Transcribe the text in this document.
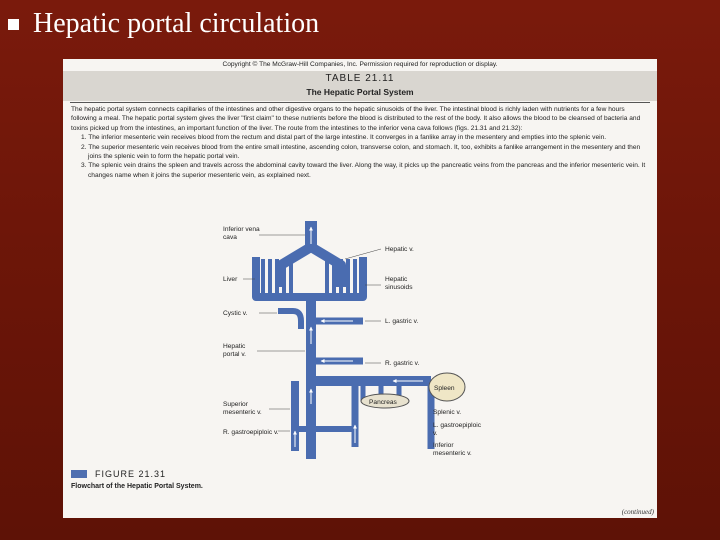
Hepatic portal circulation
Copyright © The McGraw-Hill Companies, Inc. Permission required for reproduction or display.
TABLE 21.11
The Hepatic Portal System

The hepatic portal system connects capillaries of the intestines and other digestive organs to the hepatic sinusoids of the liver. The intestinal blood is richly laden with nutrients for a few hours following a meal. The hepatic portal system gives the liver "first claim" to these nutrients before the blood is distributed to the rest of the body. It also allows the blood to be cleansed of bacteria and toxins picked up from the intestines, an important function of the liver. The route from the intestines to the inferior vena cava follows (figs. 21.31 and 21.32):

1. The inferior mesenteric vein receives blood from the rectum and distal part of the large intestine. It converges in a fanlike array in the mesentery and empties into the splenic vein.
2. The superior mesenteric vein receives blood from the entire small intestine, ascending colon, transverse colon, and stomach. It, too, exhibits a fanlike arrangement in the mesentery and then joins the splenic vein to form the hepatic portal vein.
3. The splenic vein drains the spleen and travels across the abdominal cavity toward the liver. Along the way, it picks up the pancreatic veins from the pancreas and the inferior mesenteric vein. It changes name when it joins the superior mesenteric vein, as explained next.
Inferior vena
cava
Hepatic v.
Liver	Hepatic
sinusoids
Cystic v.
L. gastric v.
Hepatic
portal v.
R. gastric v.
Spleen
Pancreas
Superior
mesenteric v.	Splenic v.
L. gastroepiploic
v.
R. gastroepiploic v.
Inferior
mesenteric v.
FIGURE 21.31
Flowchart of the Hepatic Portal System.
(continued)
